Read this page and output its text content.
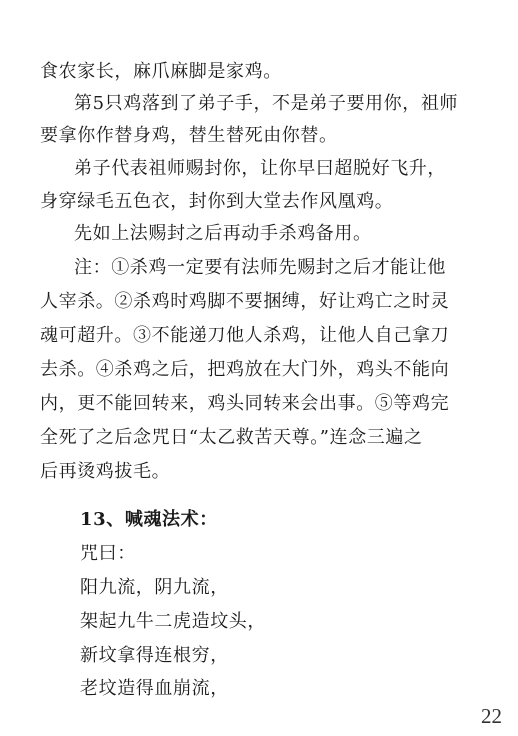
食农家长，麻爪麻脚是家鸡。
第5只鸡落到了弟子手，不是弟子要用你，祖师
要拿你作替身鸡，替生替死由你替。
弟子代表祖师赐封你，让你早曰超脱好飞升，
身穿绿毛五色衣，封你到大堂去作风凰鸡。
先如上法赐封之后再动手杀鸡备用。
注：①杀鸡一定要有法师先赐封之后才能让他
人宰杀。②杀鸡时鸡脚不要捆缚，好让鸡亡之时灵
魂可超升。③不能递刀他人杀鸡，让他人自己拿刀
去杀。④杀鸡之后，把鸡放在大门外，鸡头不能向
内，更不能回转来，鸡头同转来会出事。⑤等鸡完
全死了之后念咒日“太乙救苦天尊。”连念三遍之
后再烫鸡拔毛。
13、喊魂法术：
咒曰：
阳九流，阴九流，
架起九牛二虎造坟头，
新坟拿得连根穷，
老坟造得血崩流，
22
